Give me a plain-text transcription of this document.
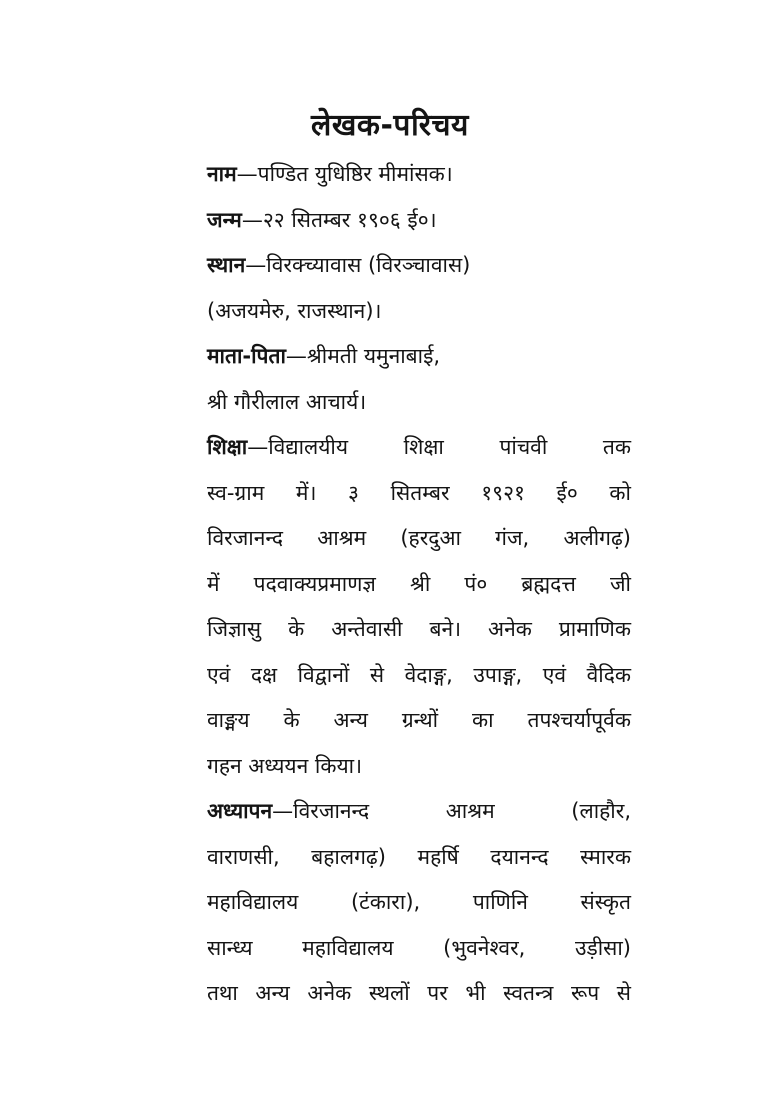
लेखक-परिचय
नाम—पण्डित युधिष्ठिर मीमांसक।
जन्म—२२ सितम्बर १९०६ ई०।
स्थान—विरक्च्यावास (विरञ्चावास)
(अजयमेरु, राजस्थान)।
माता-पिता—श्रीमती यमुनाबाई,
श्री गौरीलाल आचार्य।
शिक्षा—विद्यालयीय शिक्षा पांचवी तक
स्व-ग्राम में। ३ सितम्बर १९२१ ई० को
विरजानन्द आश्रम (हरदुआ गंज, अलीगढ़)
में पदवाक्यप्रमाणज्ञ श्री पं० ब्रह्मदत्त जी
जिज्ञासु के अन्तेवासी बने। अनेक प्रामाणिक
एवं दक्ष विद्वानों से वेदाङ्ग, उपाङ्ग, एवं वैदिक
वाङ्मय के अन्य ग्रन्थों का तपश्चर्यापूर्वक
गहन अध्ययन किया।
अध्यापन—विरजानन्द आश्रम (लाहौर,
वाराणसी, बहालगढ़) महर्षि दयानन्द स्मारक
महाविद्यालय (टंकारा), पाणिनि संस्कृत
सान्ध्य महाविद्यालय (भुवनेश्वर, उड़ीसा)
तथा अन्य अनेक स्थलों पर भी स्वतन्त्र रूप से
